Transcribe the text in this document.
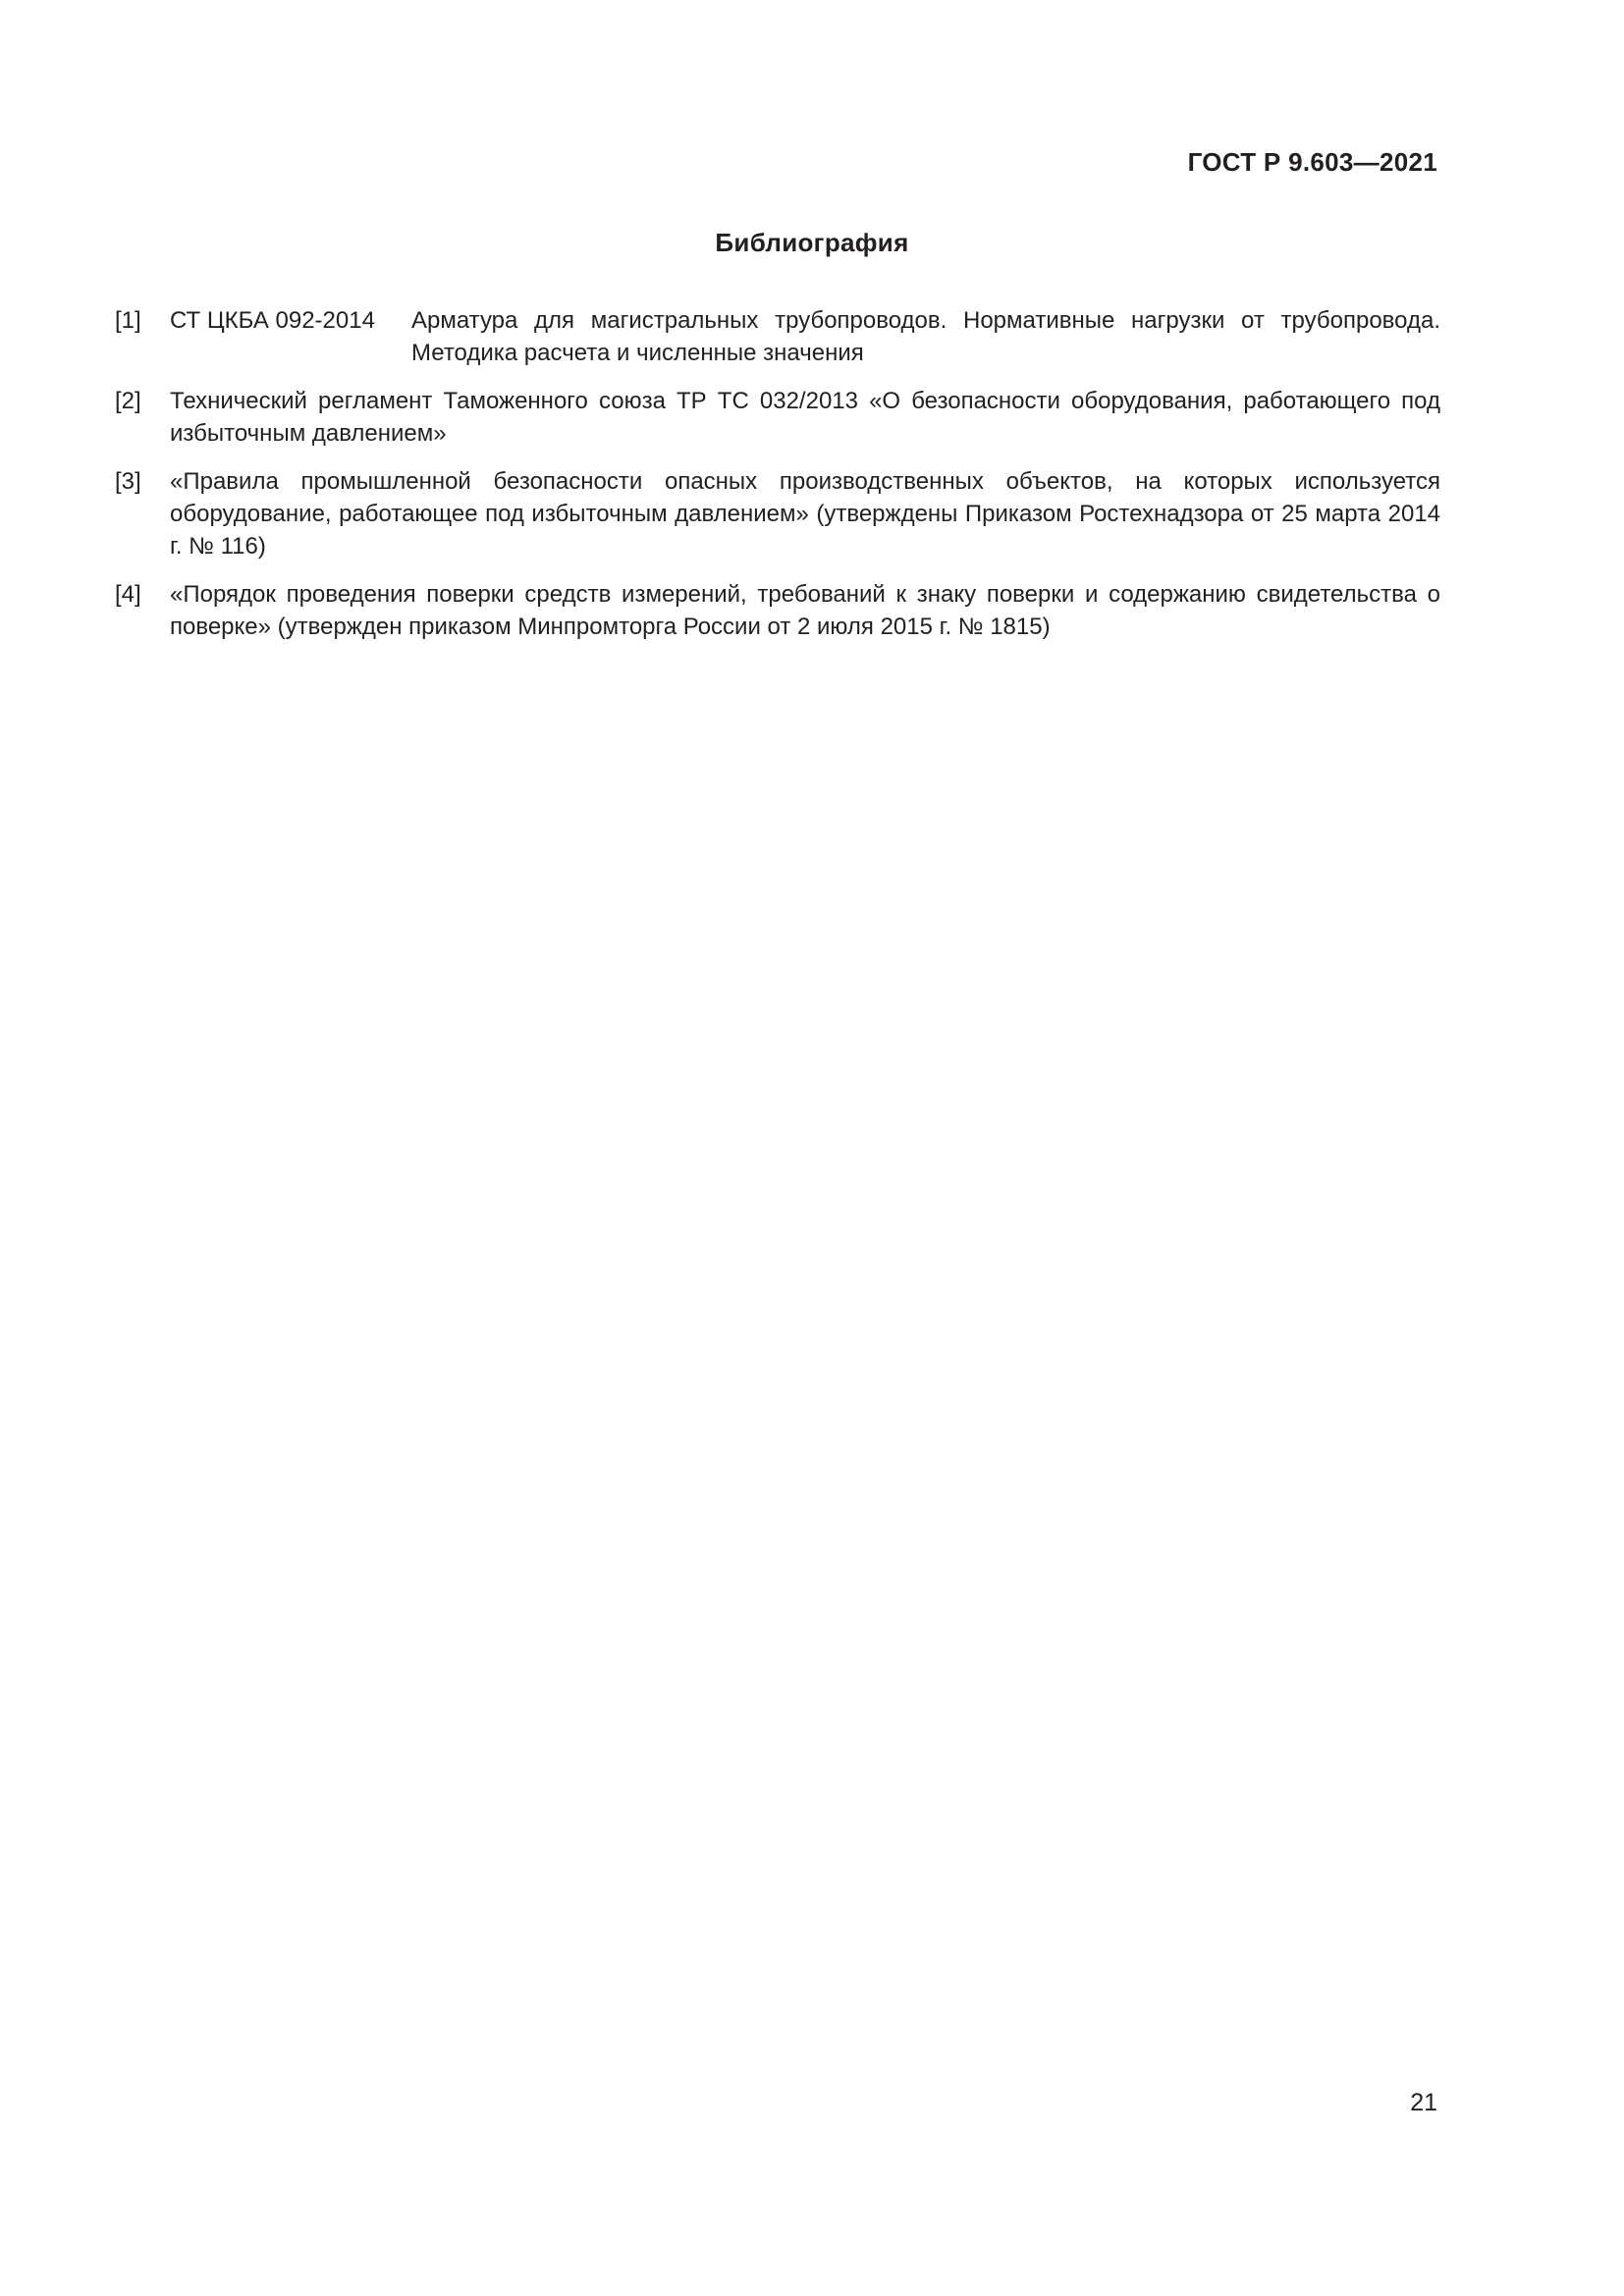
ГОСТ Р 9.603—2021
Библиография
[1] СТ ЦКБА 092-2014 Арматура для магистральных трубопроводов. Нормативные нагрузки от трубопровода. Методика расчета и численные значения
[2] Технический регламент Таможенного союза ТР ТС 032/2013 «О безопасности оборудования, работающего под избыточным давлением»
[3] «Правила промышленной безопасности опасных производственных объектов, на которых используется оборудование, работающее под избыточным давлением» (утверждены Приказом Ростехнадзора от 25 марта 2014 г. № 116)
[4] «Порядок проведения поверки средств измерений, требований к знаку поверки и содержанию свидетельства о поверке» (утвержден приказом Минпромторга России от 2 июля 2015 г. № 1815)
21
